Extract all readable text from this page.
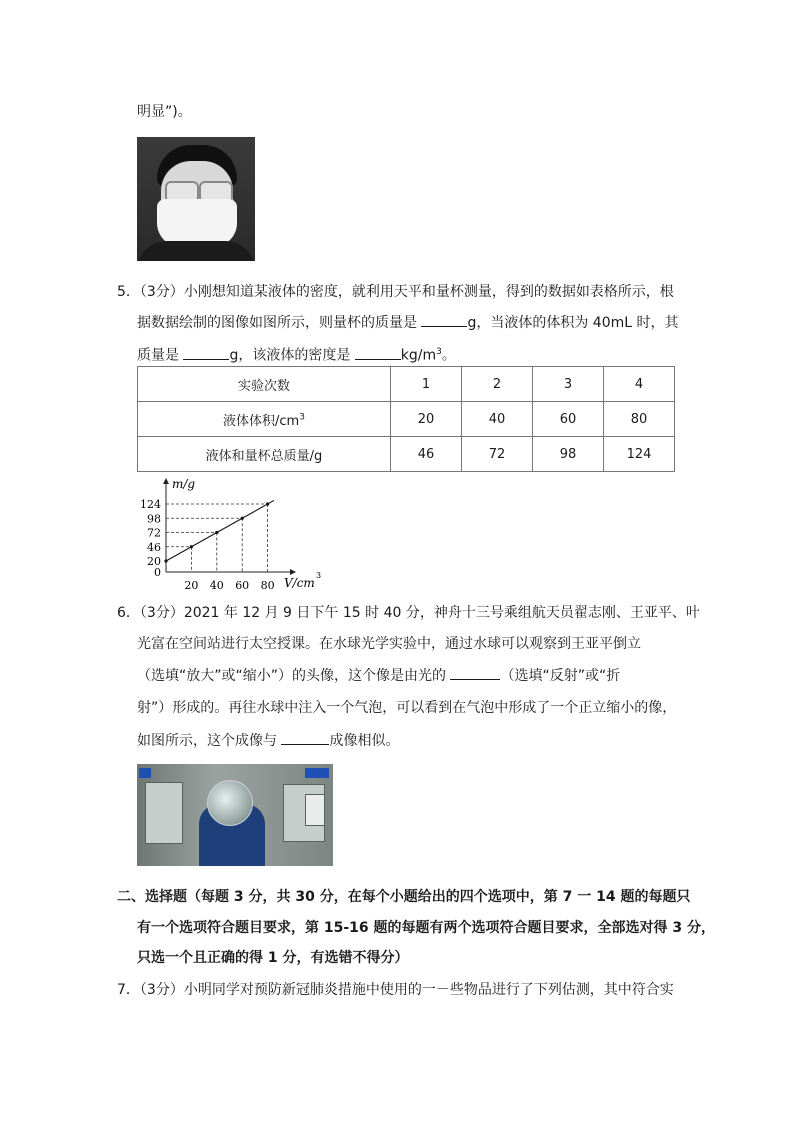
明显”)。
5．（3分）小刚想知道某液体的密度，就利用天平和量杯测量，得到的数据如表格所示，根
据数据绘制的图像如图所示，则量杯的质量是	g，当液体的体积为 40mL 时，其
质量是	g，该液体的密度是	$kg/m^3$。
实验次数	1	2	3	4
液体体积$/cm^3$	20	40	60	80
液体和量杯总质量/g	46	72	98	124
m/g
V/cm
3
124
98
72
46
20
0
20 40 60 80
6．（3分）2021 年 12 月 9 日下午 15 时 40 分，神舟十三号乘组航天员翟志刚、王亚平、叶
光富在空间站进行太空授课。在水球光学实验中，通过水球可以观察到王亚平倒立
（选填“放大”或“缩小”）的头像，这个像是由光的	（选填“反射”或“折
射”）形成的。再往水球中注入一个气泡，可以看到在气泡中形成了一个正立缩小的像，
如图所示，这个成像与	成像相似。
二、选择题（每题 3 分，共 30 分，在每个小题给出的四个选项中，第 7 一 14 题的每题只
有一个选项符合题目要求，第 15-16 题的每题有两个选项符合题目要求，全部选对得 3 分，
只选一个且正确的得 1 分，有选错不得分）
7．（3分）小明同学对预防新冠肺炎措施中使用的一－些物品进行了下列估测，其中符合实
